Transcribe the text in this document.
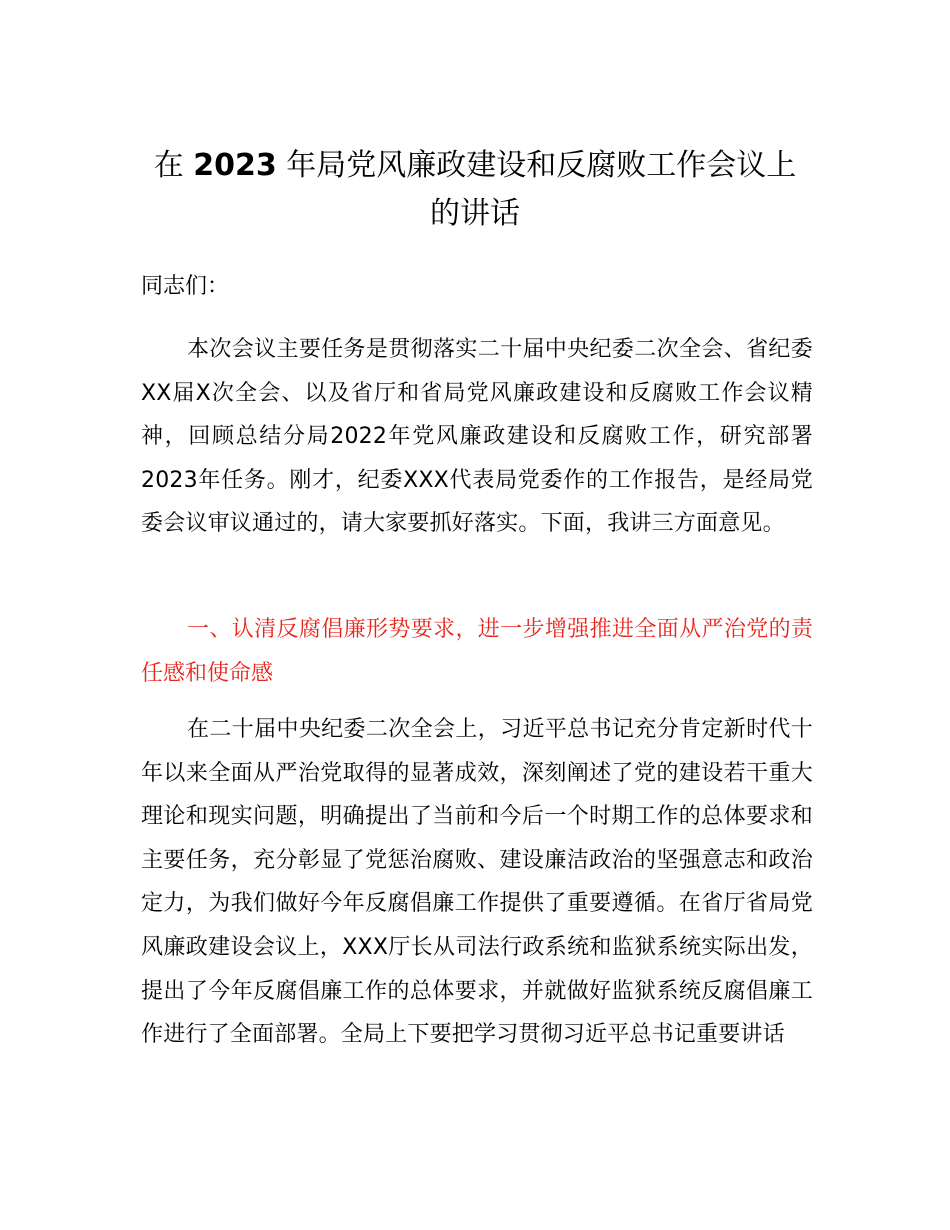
在 2023 年局党风廉政建设和反腐败工作会议上的讲话

同志们：

本次会议主要任务是贯彻落实二十届中央纪委二次全会、省纪委XX届X次全会、以及省厅和省局党风廉政建设和反腐败工作会议精神，回顾总结分局2022年党风廉政建设和反腐败工作，研究部署2023年任务。刚才，纪委XXX代表局党委作的工作报告，是经局党委会议审议通过的，请大家要抓好落实。下面，我讲三方面意见。

一、认清反腐倡廉形势要求，进一步增强推进全面从严治党的责任感和使命感

在二十届中央纪委二次全会上，习近平总书记充分肯定新时代十年以来全面从严治党取得的显著成效，深刻阐述了党的建设若干重大理论和现实问题，明确提出了当前和今后一个时期工作的总体要求和主要任务，充分彰显了党惩治腐败、建设廉洁政治的坚强意志和政治定力，为我们做好今年反腐倡廉工作提供了重要遵循。在省厅省局党风廉政建设会议上，XXX厅长从司法行政系统和监狱系统实际出发，提出了今年反腐倡廉工作的总体要求，并就做好监狱系统反腐倡廉工作进行了全面部署。全局上下要把学习贯彻习近平总书记重要讲话
